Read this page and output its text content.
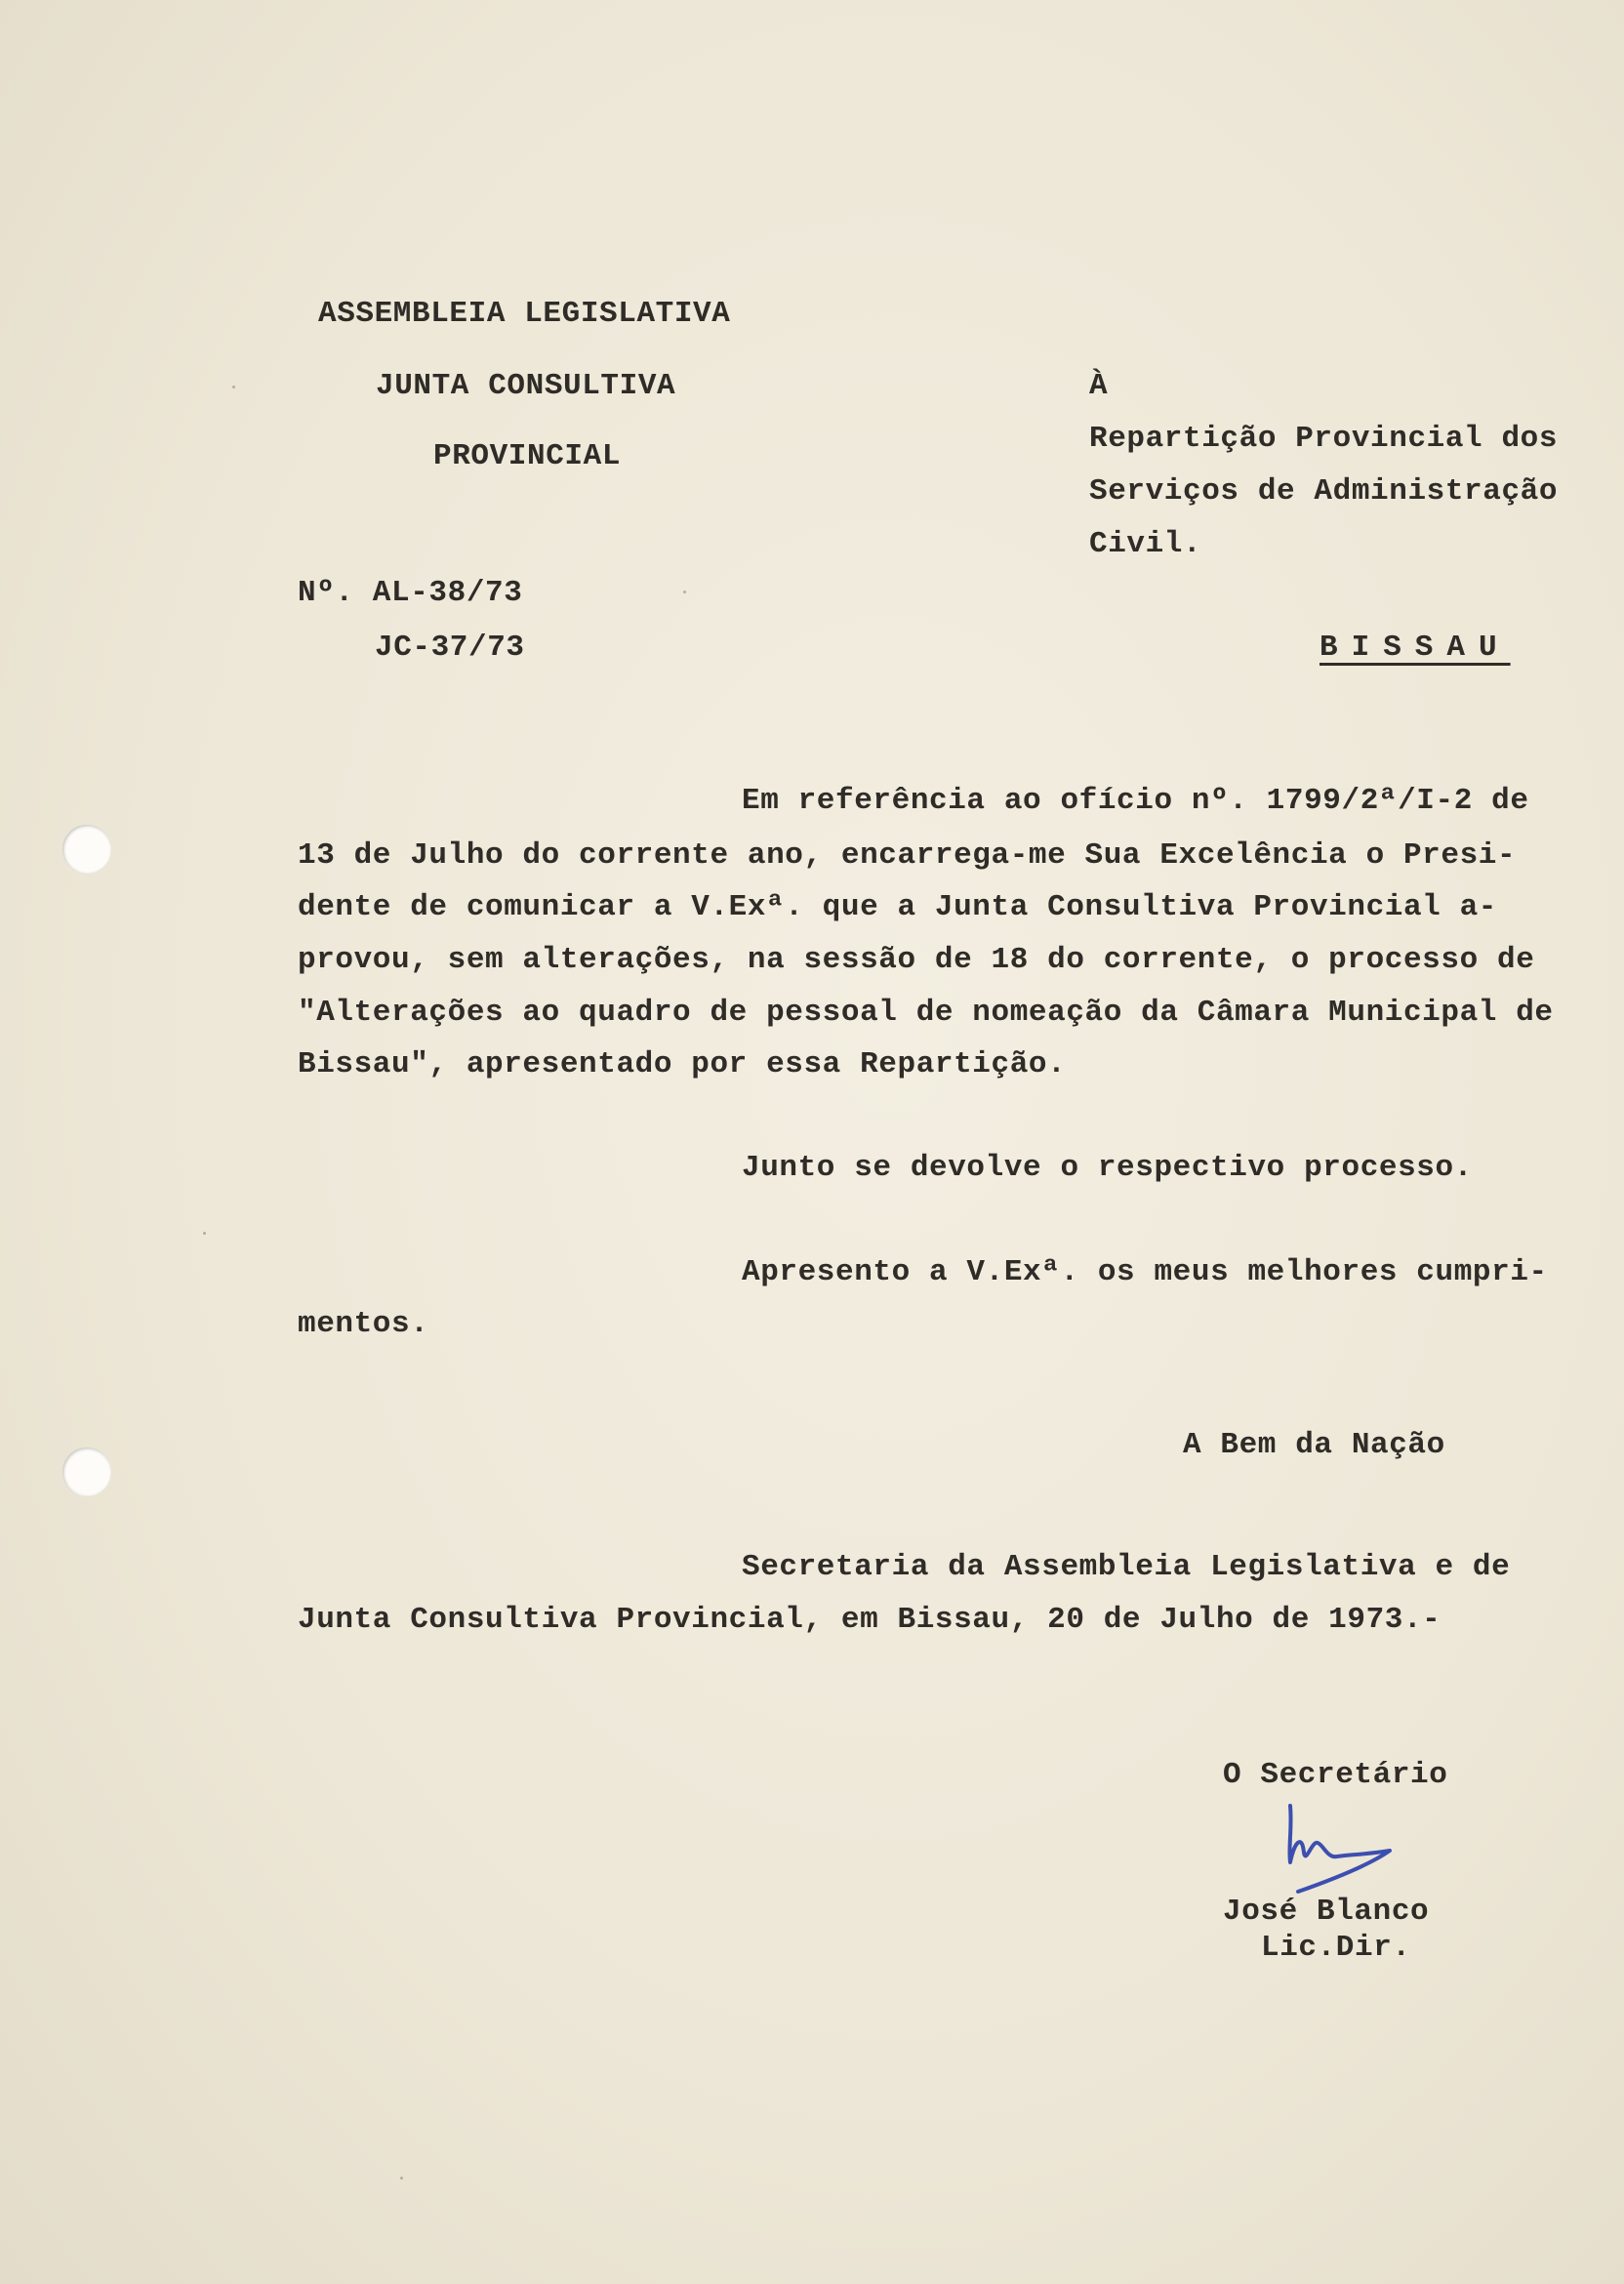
ASSEMBLEIA LEGISLATIVA
JUNTA CONSULTIVA
PROVINCIAL
Nº. AL-38/73
JC-37/73
À
Repartição Provincial dos
Serviços de Administração
Civil.
BISSAU
Em referência ao ofício nº. 1799/2ª/I-2 de
13 de Julho do corrente ano, encarrega-me Sua Excelência o Presi-
dente de comunicar a V.Exª. que a Junta Consultiva Provincial a-
provou, sem alterações, na sessão de 18 do corrente, o processo de
"Alterações ao quadro de pessoal de nomeação da Câmara Municipal de
Bissau", apresentado por essa Repartição.
Junto se devolve o respectivo processo.
Apresento a V.Exª. os meus melhores cumpri-
mentos.
A Bem da Nação
Secretaria da Assembleia Legislativa e de
Junta Consultiva Provincial, em Bissau, 20 de Julho de 1973.-
O Secretário
José Blanco
Lic.Dir.
